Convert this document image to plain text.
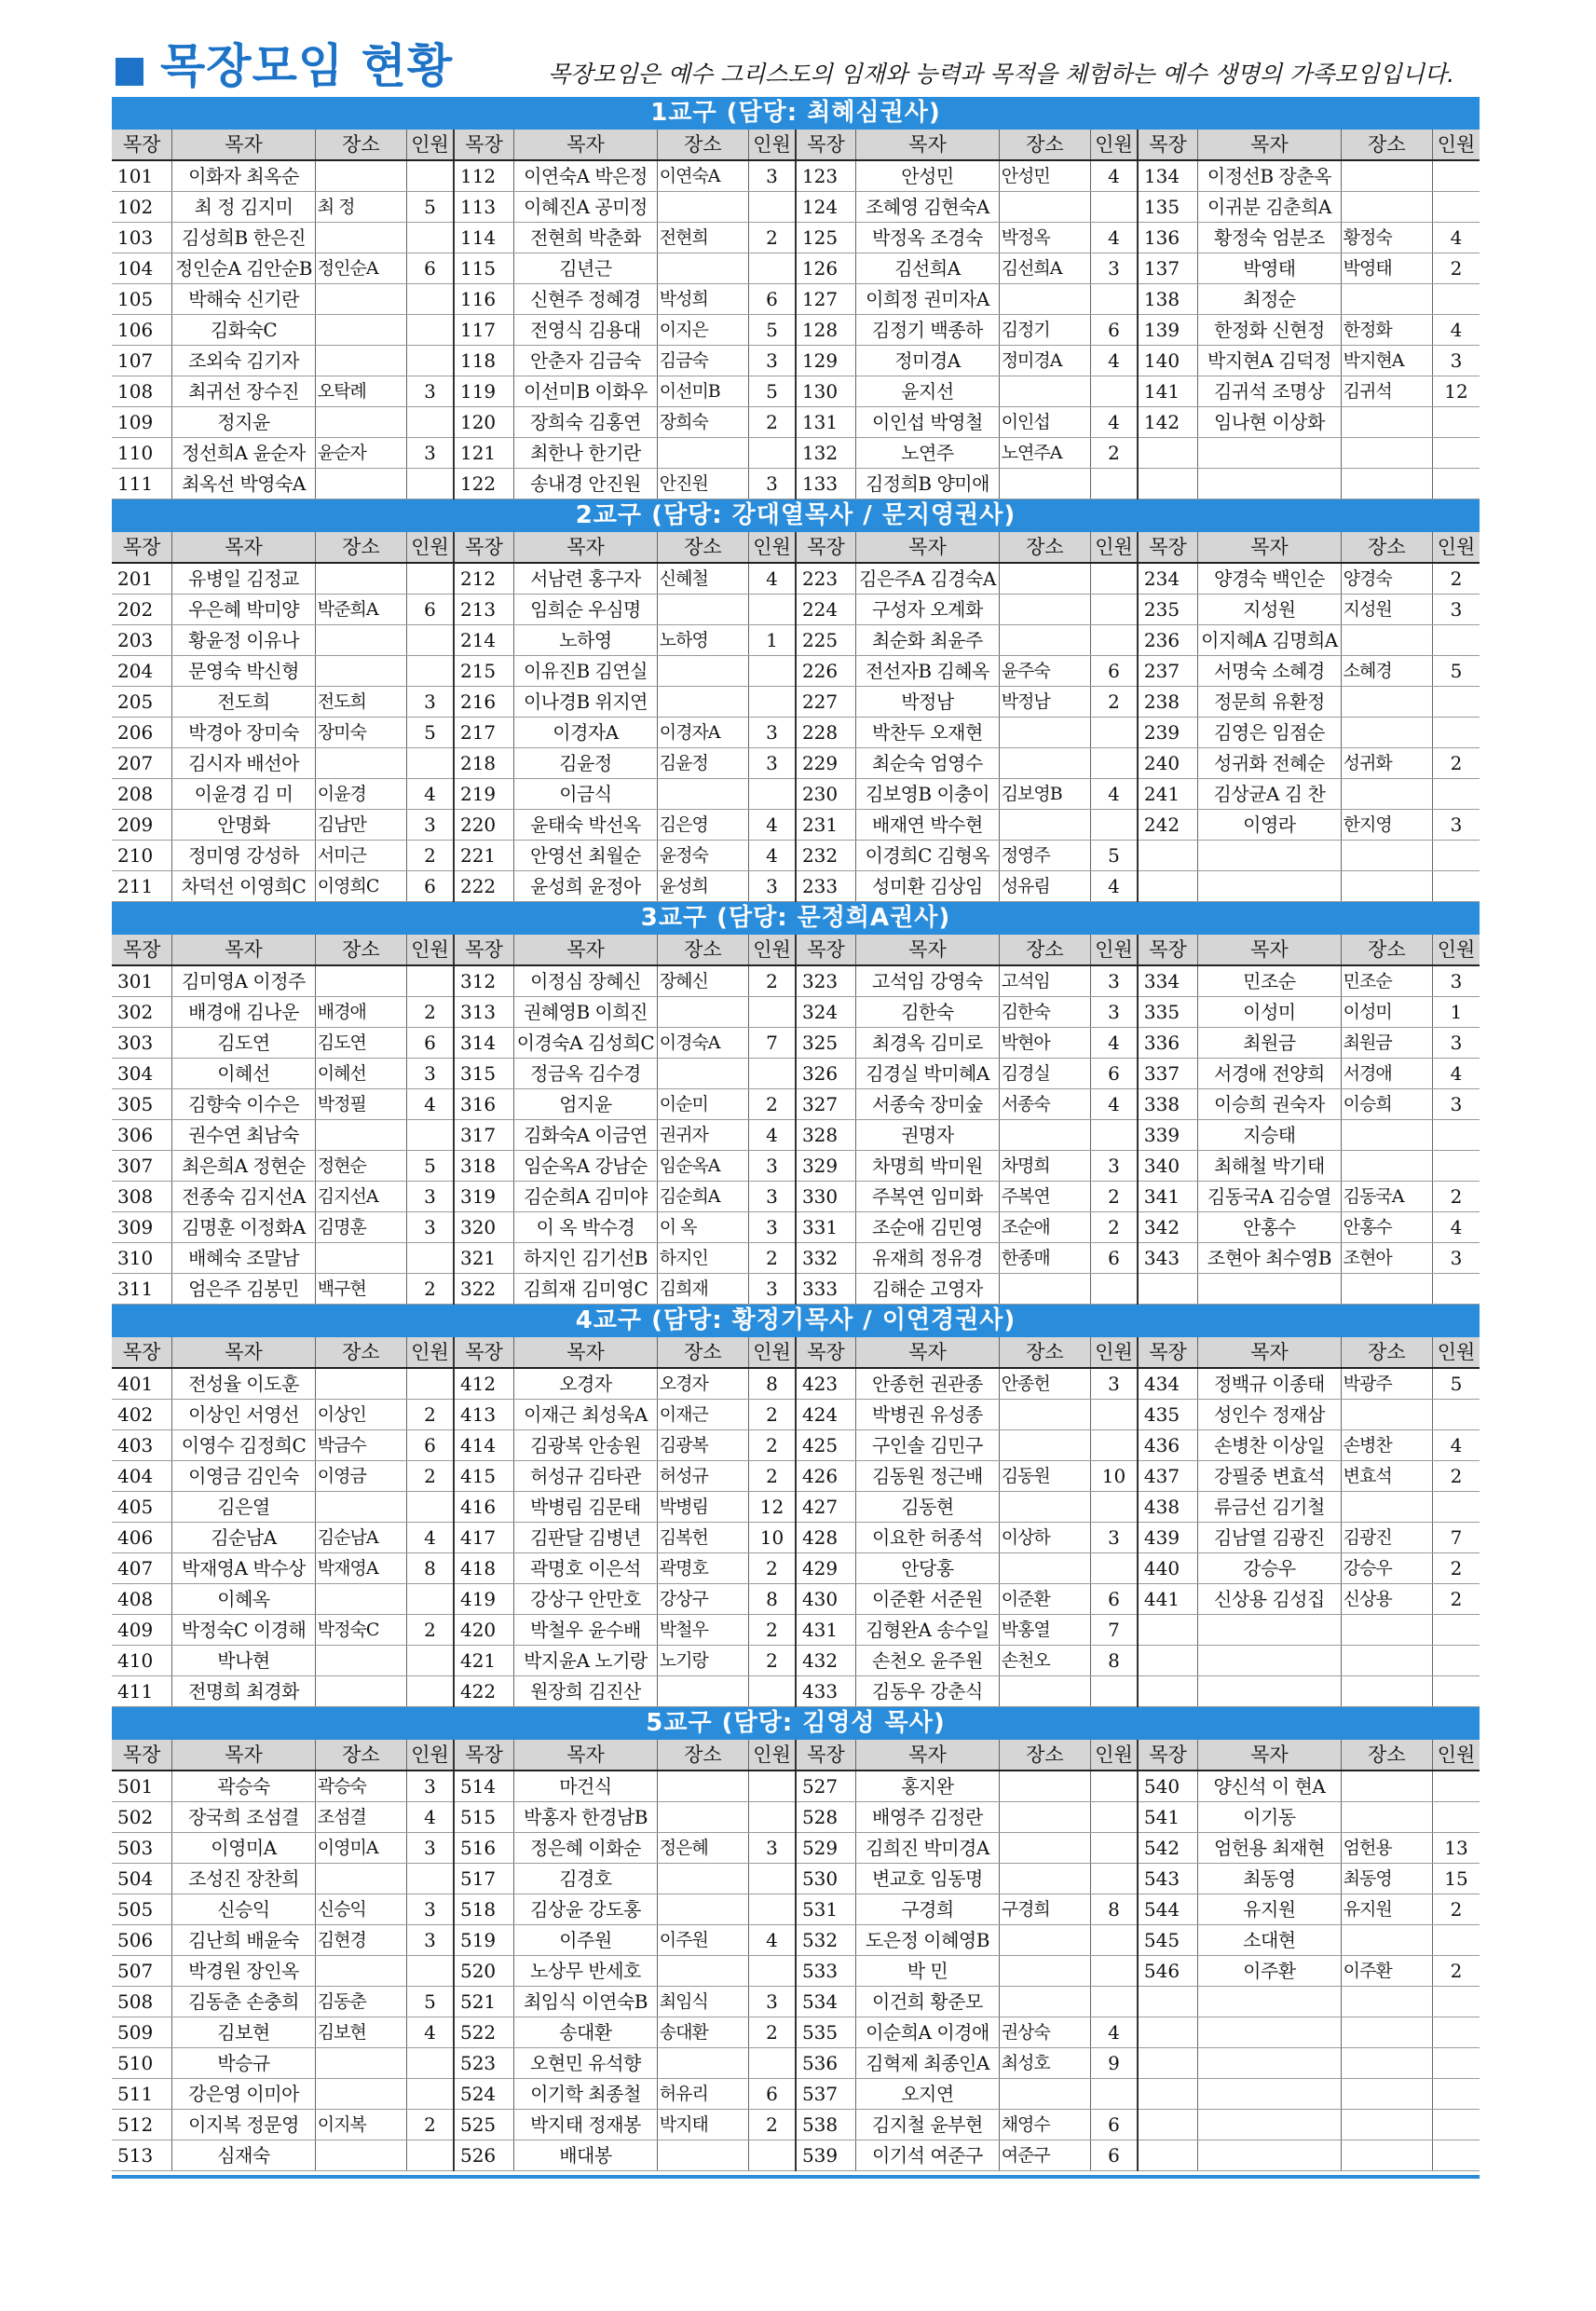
목장모임 현황	목장모임은 예수 그리스도의 임재와 능력과 목적을 체험하는 예수 생명의 가족모임입니다.
1교구 (담당: 최혜심권사)
목장	목자	장소	인원	목장	목자	장소	인원	목장	목자	장소	인원	목장	목자	장소	인원
101	이화자 최옥순			112	이연숙A 박은정	이연숙A	3	123	안성민	안성민	4	134	이정선B 장춘옥		
102	최 정 김지미	최 정	5	113	이혜진A 공미정			124	조혜영 김현숙A			135	이귀분 김춘희A		
103	김성희B 한은진			114	전현희 박춘화	전현희	2	125	박정옥 조경숙	박정옥	4	136	황정숙 엄분조	황정숙	4
104	정인순A 김안순B	정인순A	6	115	김년근			126	김선희A	김선희A	3	137	박영태	박영태	2
105	박해숙 신기란			116	신현주 정혜경	박성희	6	127	이희정 권미자A			138	최정순		
106	김화숙C			117	전영식 김용대	이지은	5	128	김정기 백종하	김정기	6	139	한정화 신현정	한정화	4
107	조외숙 김기자			118	안춘자 김금숙	김금숙	3	129	정미경A	정미경A	4	140	박지현A 김덕정	박지현A	3
108	최귀선 장수진	오탁례	3	119	이선미B 이화우	이선미B	5	130	윤지선			141	김귀석 조명상	김귀석	12
109	정지윤			120	장희숙 김홍연	장희숙	2	131	이인섭 박영철	이인섭	4	142	임나현 이상화		
110	정선희A 윤순자	윤순자	3	121	최한나 한기란			132	노연주	노연주A	2				
111	최옥선 박영숙A			122	송내경 안진원	안진원	3	133	김정희B 양미애						
2교구 (담당: 강대열목사 / 문지영권사)
목장	목자	장소	인원	목장	목자	장소	인원	목장	목자	장소	인원	목장	목자	장소	인원
201	유병일 김정교			212	서남련 홍구자	신혜철	4	223	김은주A 김경숙A			234	양경숙 백인순	양경숙	2
202	우은혜 박미양	박준희A	6	213	임희순 우심명			224	구성자 오계화			235	지성원	지성원	3
203	황윤정 이유나			214	노하영	노하영	1	225	최순화 최윤주			236	이지혜A 김명희A		
204	문영숙 박신형			215	이유진B 김연실			226	전선자B 김혜옥	윤주숙	6	237	서명숙 소혜경	소혜경	5
205	전도희	전도희	3	216	이나경B 위지연			227	박정남	박정남	2	238	정문희 유환정		
206	박경아 장미숙	장미숙	5	217	이경자A	이경자A	3	228	박찬두 오재현			239	김영은 임점순		
207	김시자 배선아			218	김윤정	김윤정	3	229	최순숙 엄영수			240	성귀화 전혜순	성귀화	2
208	이윤경 김 미	이윤경	4	219	이금식			230	김보영B 이충이	김보영B	4	241	김상균A 김 찬		
209	안명화	김남만	3	220	윤태숙 박선옥	김은영	4	231	배재연 박수현			242	이영라	한지영	3
210	정미영 강성하	서미근	2	221	안영선 최월순	윤정숙	4	232	이경희C 김형옥	정영주	5				
211	차덕선 이영희C	이영희C	6	222	윤성희 윤정아	윤성희	3	233	성미환 김상임	성유림	4				
3교구 (담당: 문정희A권사)
목장	목자	장소	인원	목장	목자	장소	인원	목장	목자	장소	인원	목장	목자	장소	인원
301	김미영A 이정주			312	이정심 장혜신	장혜신	2	323	고석임 강영숙	고석임	3	334	민조순	민조순	3
302	배경애 김나운	배경애	2	313	권혜영B 이희진			324	김한숙	김한숙	3	335	이성미	이성미	1
303	김도연	김도연	6	314	이경숙A 김성희C	이경숙A	7	325	최경옥 김미로	박현아	4	336	최원금	최원금	3
304	이혜선	이혜선	3	315	정금옥 김수경			326	김경실 박미혜A	김경실	6	337	서경애 전양희	서경애	4
305	김향숙 이수은	박정필	4	316	엄지윤	이순미	2	327	서종숙 장미숲	서종숙	4	338	이승희 권숙자	이승희	3
306	권수연 최남숙			317	김화숙A 이금연	권귀자	4	328	권명자			339	지승태		
307	최은희A 정현순	정현순	5	318	임순옥A 강남순	임순옥A	3	329	차명희 박미원	차명희	3	340	최해철 박기태		
308	전종숙 김지선A	김지선A	3	319	김순희A 김미야	김순희A	3	330	주복연 임미화	주복연	2	341	김동국A 김승열	김동국A	2
309	김명훈 이정화A	김명훈	3	320	이 옥 박수경	이 옥	3	331	조순애 김민영	조순애	2	342	안홍수	안홍수	4
310	배혜숙 조말남			321	하지인 김기선B	하지인	2	332	유재희 정유경	한종매	6	343	조현아 최수영B	조현아	3
311	엄은주 김봉민	백구현	2	322	김희재 김미영C	김희재	3	333	김해순 고영자						
4교구 (담당: 황정기목사 / 이연경권사)
목장	목자	장소	인원	목장	목자	장소	인원	목장	목자	장소	인원	목장	목자	장소	인원
401	전성율 이도훈			412	오경자	오경자	8	423	안종헌 권관종	안종헌	3	434	정백규 이종태	박광주	5
402	이상인 서영선	이상인	2	413	이재근 최성욱A	이재근	2	424	박병권 유성종			435	성인수 정재삼		
403	이영수 김정희C	박금수	6	414	김광복 안송원	김광복	2	425	구인솔 김민구			436	손병찬 이상일	손병찬	4
404	이영금 김인숙	이영금	2	415	허성규 김타관	허성규	2	426	김동원 정근배	김동원	10	437	강필중 변효석	변효석	2
405	김은열			416	박병림 김문태	박병림	12	427	김동현			438	류금선 김기철		
406	김순남A	김순남A	4	417	김판달 김병년	김복헌	10	428	이요한 허종석	이상하	3	439	김남열 김광진	김광진	7
407	박재영A 박수상	박재영A	8	418	곽명호 이은석	곽명호	2	429	안당홍			440	강승우	강승우	2
408	이혜옥			419	강상구 안만호	강상구	8	430	이준환 서준원	이준환	6	441	신상용 김성집	신상용	2
409	박정숙C 이경해	박정숙C	2	420	박철우 윤수배	박철우	2	431	김형완A 송수일	박홍열	7				
410	박나현			421	박지윤A 노기랑	노기랑	2	432	손천오 윤주원	손천오	8				
411	전명희 최경화			422	원장희 김진산			433	김동우 강춘식						
5교구 (담당: 김영성 목사)
목장	목자	장소	인원	목장	목자	장소	인원	목장	목자	장소	인원	목장	목자	장소	인원
501	곽승숙	곽승숙	3	514	마건식			527	홍지완			540	양신석 이 현A		
502	장국희 조섬결	조섬결	4	515	박홍자 한경남B			528	배영주 김정란			541	이기동		
503	이영미A	이영미A	3	516	정은혜 이화순	정은혜	3	529	김희진 박미경A			542	엄헌용 최재현	엄헌용	13
504	조성진 장찬희			517	김경호			530	변교호 임동명			543	최동영	최동영	15
505	신승익	신승익	3	518	김상윤 강도홍			531	구경희	구경희	8	544	유지원	유지원	2
506	김난희 배윤숙	김현경	3	519	이주원	이주원	4	532	도은정 이혜영B			545	소대현		
507	박경원 장인옥			520	노상무 반세호			533	박 민			546	이주환	이주환	2
508	김동춘 손충희	김동춘	5	521	최임식 이연숙B	최임식	3	534	이건희 황준모						
509	김보현	김보현	4	522	송대환	송대환	2	535	이순희A 이경애	권상숙	4				
510	박승규			523	오현민 유석향			536	김혁제 최종인A	최성호	9				
511	강은영 이미아			524	이기학 최종철	허유리	6	537	오지연						
512	이지복 정문영	이지복	2	525	박지태 정재봉	박지태	2	538	김지철 윤부현	채영수	6				
513	심재숙			526	배대봉			539	이기석 여준구	여준구	6				
